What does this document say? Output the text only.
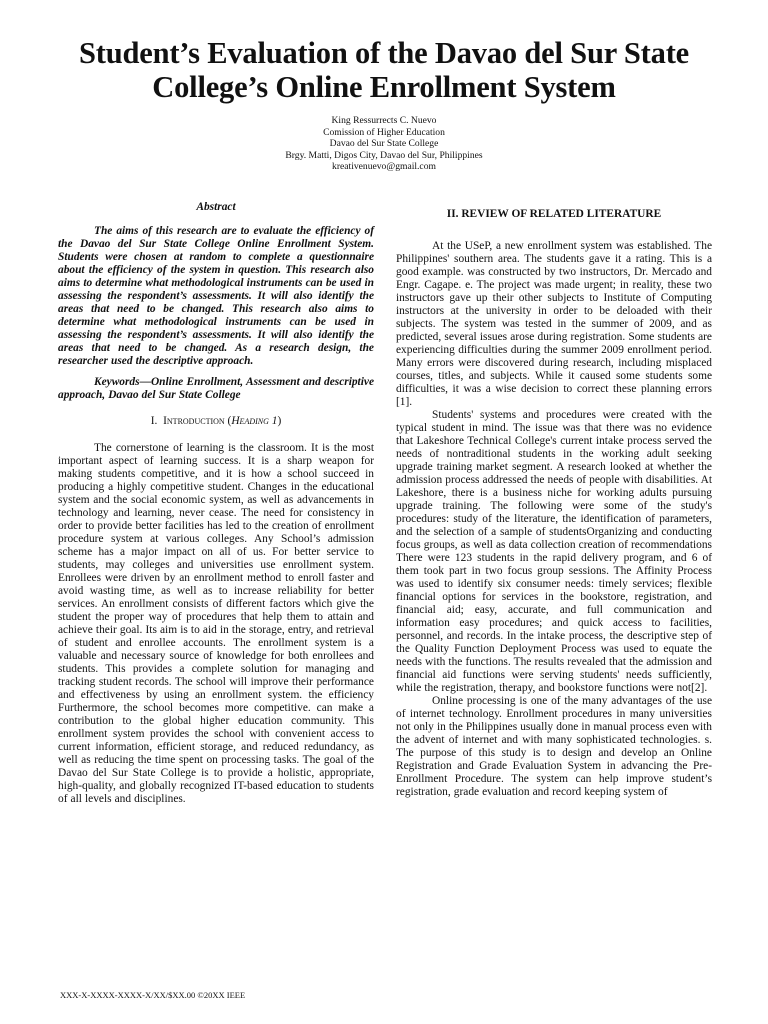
Student’s Evaluation of the Davao del Sur State
College’s Online Enrollment System
King Ressurrects C. Nuevo
Comission of Higher Education
Davao del Sur State College
Brgy. Matti, Digos City, Davao del Sur, Philippines
kreativenuevo@gmail.com
Abstract

The aims of this research are to evaluate the efficiency of the Davao del Sur State College Online Enrollment System. Students were chosen at random to complete a questionnaire about the efficiency of the system in question. This research also aims to determine what methodological instruments can be used in assessing the respondent’s assessments. It will also identify the areas that need to be changed. This research also aims to determine what methodological instruments can be used in assessing the respondent’s assessments. It will also identify the areas that need to be changed. As a research design, the researcher used the descriptive approach.

Keywords—Online Enrollment, Assessment and descriptive approach, Davao del Sur State College

I. Introduction (Heading 1)

The cornerstone of learning is the classroom. It is the most important aspect of learning success. It is a sharp weapon for making students competitive, and it is how a school succeed in producing a highly competitive student. Changes in the educational system and the social economic system, as well as advancements in technology and learning, never cease. The need for consistency in order to provide better facilities has led to the creation of enrollment procedure system at various colleges. Any School’s admission scheme has a major impact on all of us. For better service to students, may colleges and universities use enrollment system. Enrollees were driven by an enrollment method to enroll faster and avoid wasting time, as well as to increase reliability for better services. An enrollment consists of different factors which give the student the proper way of procedures that help them to attain and achieve their goal. Its aim is to aid in the storage, entry, and retrieval of student and enrollee accounts. The enrollment system is a valuable and necessary source of knowledge for both enrollees and students. This provides a complete solution for managing and tracking student records. The school will improve their performance and effectiveness by using an enrollment system. the efficiency Furthermore, the school becomes more competitive. can make a contribution to the global higher education community. This enrollment system provides the school with convenient access to current information, efficient storage, and reduced redundancy, as well as reducing the time spent on processing tasks. The goal of the Davao del Sur State College is to provide a holistic, appropriate, high-quality, and globally recognized IT-based education to students of all levels and disciplines.

II. REVIEW OF RELATED LITERATURE

At the USeP, a new enrollment system was established. The Philippines' southern area. The students gave it a rating. This is a good example. was constructed by two instructors, Dr. Mercado and Engr. Cagape. e. The project was made urgent; in reality, these two instructors gave up their other subjects to Institute of Computing instructors at the university in order to be deloaded with their subjects. The system was tested in the summer of 2009, and as predicted, several issues arose during registration. Some students are experiencing difficulties during the summer 2009 enrollment period. Many errors were discovered during research, including misplaced courses, titles, and subjects. While it caused some students some difficulties, it was a wise decision to correct these planning errors [1].

Students' systems and procedures were created with the typical student in mind. The issue was that there was no evidence that Lakeshore Technical College's current intake process served the needs of nontraditional students in the working adult seeking upgrade training market segment. A research looked at whether the admission process addressed the needs of people with disabilities. At Lakeshore, there is a business niche for working adults pursuing upgrade training. The following were some of the study's procedures: study of the literature, the identification of parameters, and the selection of a sample of studentsOrganizing and conducting focus groups, as well as data collection creation of recommendations There were 123 students in the rapid delivery program, and 6 of them took part in two focus group sessions. The Affinity Process was used to identify six consumer needs: timely services; flexible financial options for services in the bookstore, registration, and financial aid; easy, accurate, and full communication and information easy procedures; and quick access to facilities, personnel, and records. In the intake process, the descriptive step of the Quality Function Deployment Process was used to equate the needs with the functions. The results revealed that the admission and financial aid functions were serving students' needs sufficiently, while the registration, therapy, and bookstore functions were not[2].

Online processing is one of the many advantages of the use of internet technology. Enrollment procedures in many universities not only in the Philippines usually done in manual process even with the advent of internet and with many sophisticated technologies. s. The purpose of this study is to design and develop an Online Registration and Grade Evaluation System in advancing the Pre-Enrollment Procedure. The system can help improve student’s registration, grade evaluation and record keeping system of

XXX-X-XXXX-XXXX-X/XX/$XX.00 ©20XX IEEE
